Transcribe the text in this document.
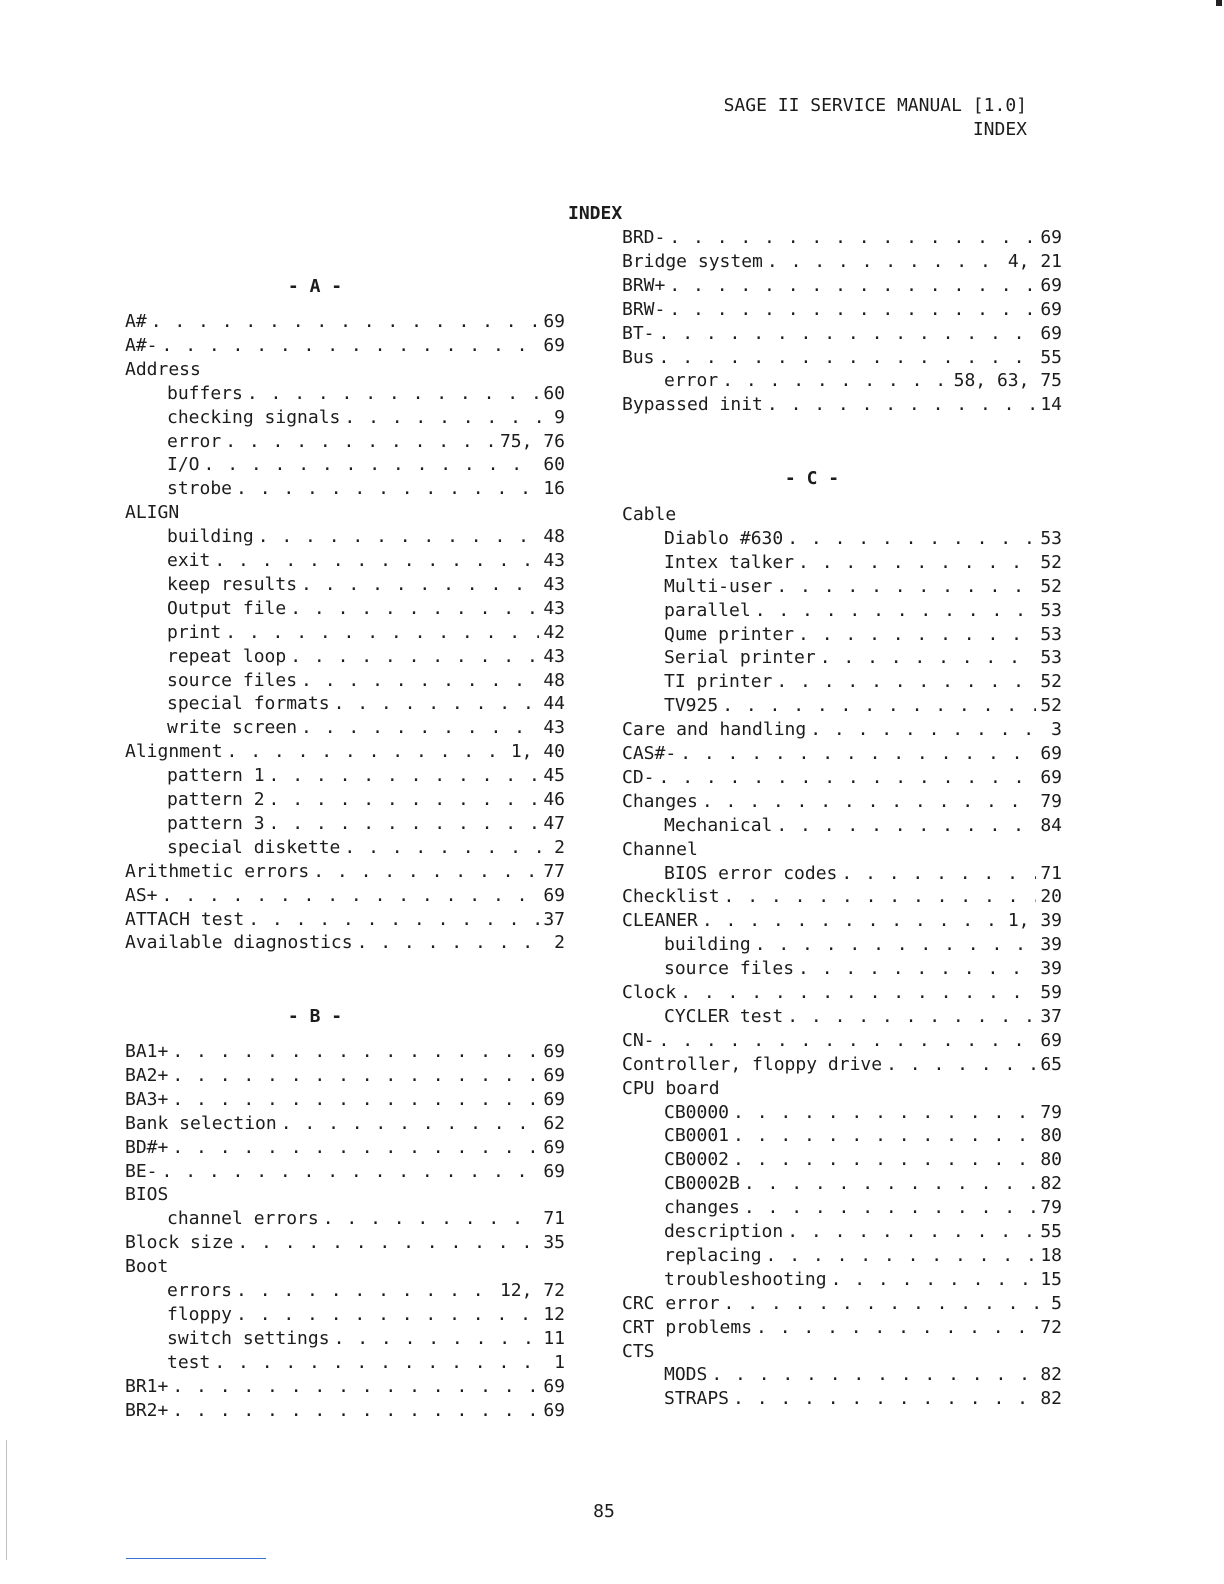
SAGE II SERVICE MANUAL [1.0]
INDEX
INDEX
- A -
- B -
A# . . .	69
A#- . . .	69
Address
buffers . . .	60
checking signals . . .	9
error . . .	75, 76
I/O . . .	60
strobe . . .	16
ALIGN
building . . .	48
exit . . .	43
keep results . . .	43
Output file . . .	43
print . . .	42
repeat loop . . .	43
source files . . .	48
special formats . . .	44
write screen . . .	43
Alignment . . .	1, 40
pattern 1 . . .	45
pattern 2 . . .	46
pattern 3 . . .	47
special diskette . . .	2
Arithmetic errors . . .	77
AS+ . . .	69
ATTACH test . . .	37
Available diagnostics . . .	2
BA1+ . . .	69
BA2+ . . .	69
BA3+ . . .	69
Bank selection . . .	62
BD#+ . . .	69
BE- . . .	69
BIOS
channel errors . . .	71
Block size . . .	35
Boot
errors . . .	12, 72
floppy . . .	12
switch settings . . .	11
test . . .	1
BR1+ . . .	69
BR2+ . . .	69
- C -
BRD- . . .	69
Bridge system . . .	4, 21
BRW+ . . .	69
BRW- . . .	69
BT- . . .	69
Bus . . .	55
error . . .	58, 63, 75
Bypassed init . . .	14
Cable
Diablo #630 . . .	53
Intex talker . . .	52
Multi-user . . .	52
parallel . . .	53
Qume printer . . .	53
Serial printer . . .	53
TI printer . . .	52
TV925 . . .	52
Care and handling . . .	3
CAS#- . . .	69
CD- . . .	69
Changes . . .	79
Mechanical . . .	84
Channel
BIOS error codes . . .	71
Checklist . . .	20
CLEANER . . .	1, 39
building . . .	39
source files . . .	39
Clock . . .	59
CYCLER test . . .	37
CN- . . .	69
Controller, floppy drive . . .	65
CPU board
CB0000 . . .	79
CB0001 . . .	80
CB0002 . . .	80
CB0002B . . .	82
changes . . .	79
description . . .	55
replacing . . .	18
troubleshooting . . .	15
CRC error . . .	5
CRT problems . . .	72
CTS
MODS . . .	82
STRAPS . . .	82
85
